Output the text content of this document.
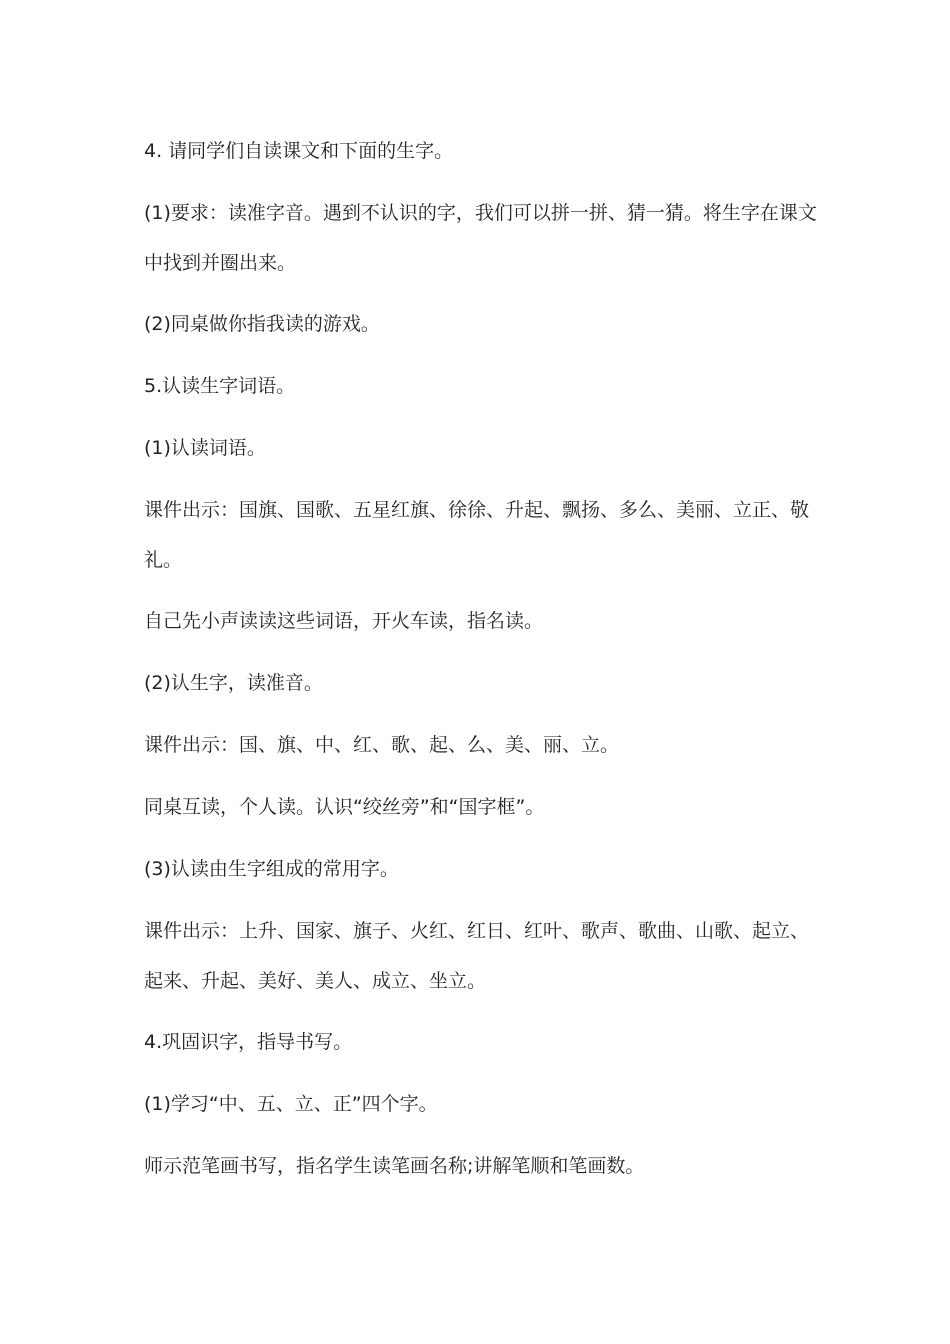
4. 请同学们自读课文和下面的生字。

(1)要求：读准字音。遇到不认识的字，我们可以拼一拼、猜一猜。将生字在课文中找到并圈出来。

(2)同桌做你指我读的游戏。

5.认读生字词语。

(1)认读词语。

课件出示：国旗、国歌、五星红旗、徐徐、升起、飘扬、多么、美丽、立正、敬礼。

自己先小声读读这些词语，开火车读，指名读。

(2)认生字，读准音。

课件出示：国、旗、中、红、歌、起、么、美、丽、立。

同桌互读，个人读。认识“绞丝旁”和“国字框”。

(3)认读由生字组成的常用字。

课件出示：上升、国家、旗子、火红、红日、红叶、歌声、歌曲、山歌、起立、起来、升起、美好、美人、成立、坐立。

4.巩固识字，指导书写。

(1)学习“中、五、立、正”四个字。

师示范笔画书写，指名学生读笔画名称;讲解笔顺和笔画数。
